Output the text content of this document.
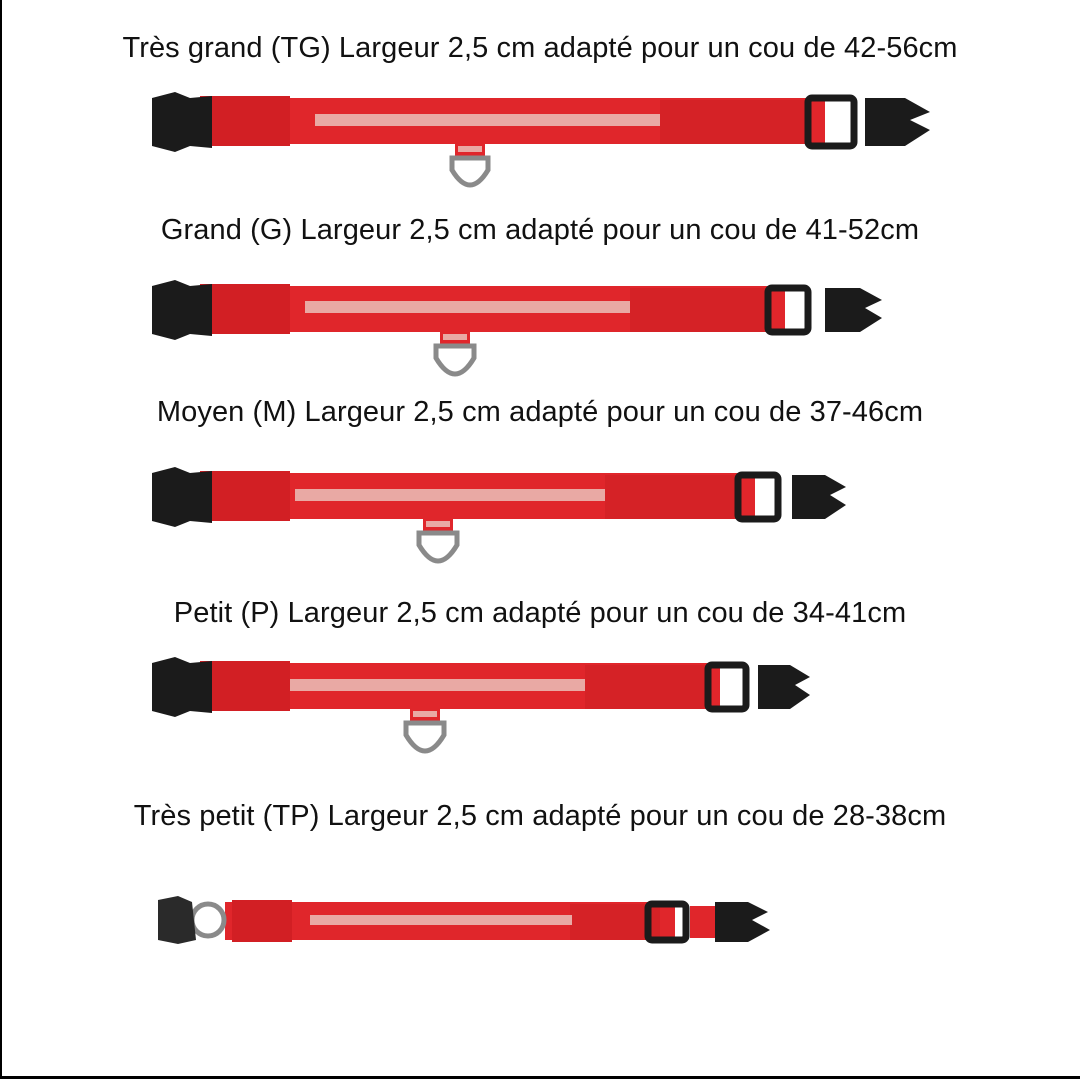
Très grand (TG) Largeur 2,5 cm adapté pour un cou de 42-56cm
Grand (G) Largeur 2,5 cm adapté pour un cou de 41-52cm
Moyen (M) Largeur 2,5 cm adapté pour un cou de 37-46cm
Petit (P) Largeur 2,5 cm adapté pour un cou de 34-41cm
Très petit (TP) Largeur 2,5 cm adapté pour un cou de 28-38cm
